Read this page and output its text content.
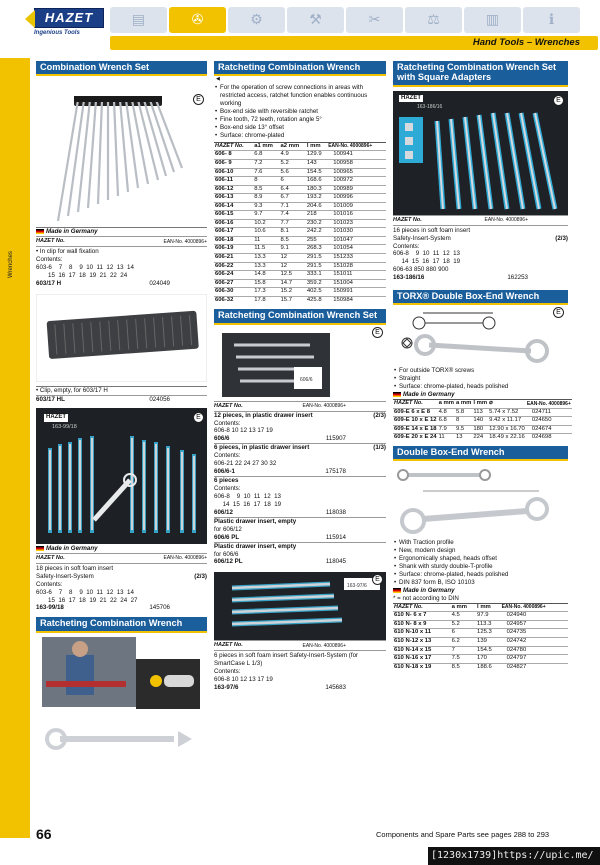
HAZET
Ingenious Tools
▤	✇	⚙	⚒	✂	⚖	▥	ℹ
Hand Tools – Wrenches
Wrenches
Combination Wrench Set
E
Made in Germany
HAZET No.	EAN-No. 4000896+
• In clip for wall fixation
Contents:
603-6    7    8    9  10  11  12  13  14
15  16  17  18  19  21  22  24
603/17 H	024049
• Clip, empty, for 603/17 H
603/17 HL	024056
E
HAZET
163-99/18
Made in Germany
HAZET No.	EAN-No. 4000896+
18 pieces in soft foam insert
Safety-Insert-System	(2/3)
Contents:
603-6    7    8    9  10  11  12  13  14
15  16  17  18  19  21  22  24  27
163-99/18	145706
Ratcheting Combination Wrench
Ratcheting Combination Wrench
◀
• For the operation of screw connections in areas with restricted access, ratchet function enables continuous working
• Box-end side with reversible ratchet
• Fine tooth, 72 teeth, rotation angle 5°
• Box-end side 13° offset
• Surface: chrome-plated
HAZET No.	a1 mm	a2 mm	l mm	EAN-No. 4000896+
606- 8	6.8	4.9	129.9	100941
606- 9	7.2	5.2	143	100958
606-10	7.6	5.6	154.5	100965
606-11	8	6	168.6	100972
606-12	8.5	6.4	180.3	100989
606-13	8.9	6.7	193.2	100996
606-14	9.3	7.1	204.6	101009
606-15	9.7	7.4	218	101016
606-16	10.2	7.7	230.2	101023
606-17	10.6	8.1	242.2	101030
606-18	11	8.5	255	101047
606-19	11.5	9.1	268.3	101054
606-21	13.3	12	291.5	151233
606-22	13.3	12	291.5	151028
606-24	14.8	12.5	333.1	151011
606-27	15.8	14.7	359.2	151004
606-30	17.3	15.2	402.5	150991
606-32	17.8	15.7	425.8	150984
Ratcheting Combination Wrench Set
E
606/6
HAZET No.	EAN-No. 4000896+
12 pieces, in plastic drawer insert	(2/3)
Contents:
606-8 10 12 13 17 19
606/6	115907
6 pieces, in plastic drawer insert	(1/3)
Contents:
606-21 22 24 27 30 32
606/6-1	175178
6 pieces
Contents:
606-8    9  10  11  12  13
14  15  16  17  18  19
606/12	118038
Plastic drawer insert, empty
for 606/12
606/6 PL	115914
Plastic drawer insert, empty
for 606/6
606/12 PL	118045
E
163-97/6
HAZET No.	EAN-No. 4000896+
6 pieces in soft foam insert Safety-Insert-System (for SmartCase L 1/3)
Contents:
606-8 10 12 13 17 19
163-97/6	145683
Ratcheting Combination Wrench Set with Square Adapters
E
HAZET
163-186/16
HAZET No.	EAN-No. 4000896+
16 pieces in soft foam insert
Safety-Insert-System	(2/3)
Contents:
606-8    9  10  11  12  13
14  15  16  17  18  19
606-63 850 880 900
163-186/16	162253
TORX® Double Box-End Wrench
E
• For outside TORX® screws
• Straight
• Surface: chrome-plated, heads polished
Made in Germany
HAZET No.	a mm	a mm	l mm	⌀	EAN-No. 4000896+
609-E 6 x E 8	4.8	5.8	113	5.74 x 7.52	024711
609-E 10 x E 12	6.8	8	140	9.42 x 11.17	024650
609-E 14 x E 18	7.9	9.5	180	12.90 x 16.70	024674
609-E 20 x E 24	11	13	224	18.49 x 22.16	024698
Double Box-End Wrench
• With Traction profile
• New, modern design
• Ergonomically shaped, heads offset
• Shank with sturdy double-T-profile
• Surface: chrome-plated, heads polished
• DIN 837 form B, ISO 10103
Made in Germany
* = not according to DIN
HAZET No.	a mm	l mm	EAN-No. 4000896+
610 N- 6 x 7	4.5	97.9	024940
610 N- 8 x 9	5.2	113.3	024957
610 N-10 x 11	6	125.3	024735
610 N-12 x 13	6.2	139	024742
610 N-14 x 15	7	154.5	024780
610 N-16 x 17	7.5	170	024797
610 N-18 x 19	8.5	188.6	024827
66	Components and Spare Parts see pages 288 to 293
[1230x1739]https://upic.me/
